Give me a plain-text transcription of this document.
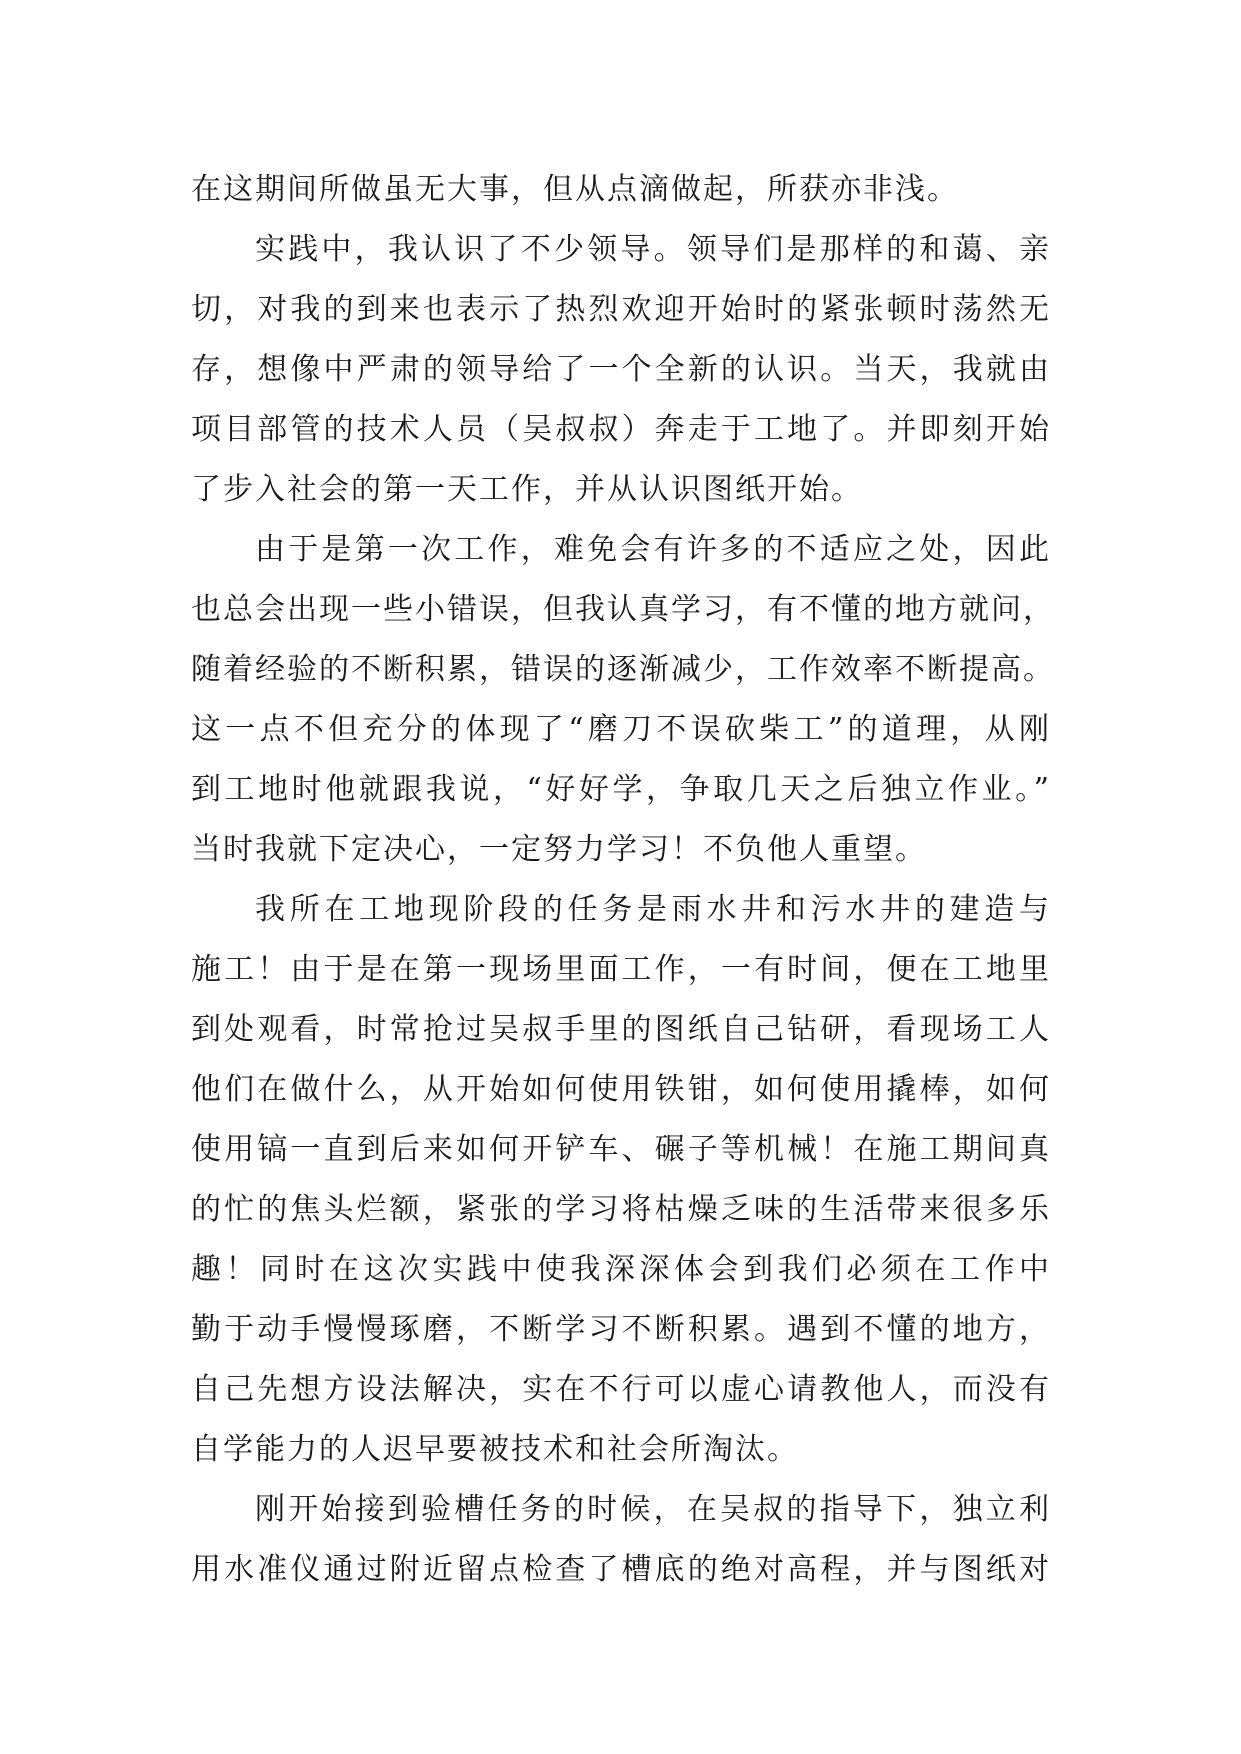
在这期间所做虽无大事，但从点滴做起，所获亦非浅。
实践中，我认识了不少领导。领导们是那样的和蔼、亲
切，对我的到来也表示了热烈欢迎开始时的紧张顿时荡然无
存，想像中严肃的领导给了一个全新的认识。当天，我就由
项目部管的技术人员（吴叔叔）奔走于工地了。并即刻开始
了步入社会的第一天工作，并从认识图纸开始。
由于是第一次工作，难免会有许多的不适应之处，因此
也总会出现一些小错误，但我认真学习，有不懂的地方就问，
随着经验的不断积累，错误的逐渐减少，工作效率不断提高。
这一点不但充分的体现了“磨刀不误砍柴工”的道理，从刚
到工地时他就跟我说，“好好学，争取几天之后独立作业。”
当时我就下定决心，一定努力学习！不负他人重望。
我所在工地现阶段的任务是雨水井和污水井的建造与
施工！由于是在第一现场里面工作，一有时间，便在工地里
到处观看，时常抢过吴叔手里的图纸自己钻研，看现场工人
他们在做什么，从开始如何使用铁钳，如何使用撬棒，如何
使用镐一直到后来如何开铲车、碾子等机械！在施工期间真
的忙的焦头烂额，紧张的学习将枯燥乏味的生活带来很多乐
趣！同时在这次实践中使我深深体会到我们必须在工作中
勤于动手慢慢琢磨，不断学习不断积累。遇到不懂的地方，
自己先想方设法解决，实在不行可以虚心请教他人，而没有
自学能力的人迟早要被技术和社会所淘汰。
刚开始接到验槽任务的时候，在吴叔的指导下，独立利
用水准仪通过附近留点检查了槽底的绝对高程，并与图纸对
